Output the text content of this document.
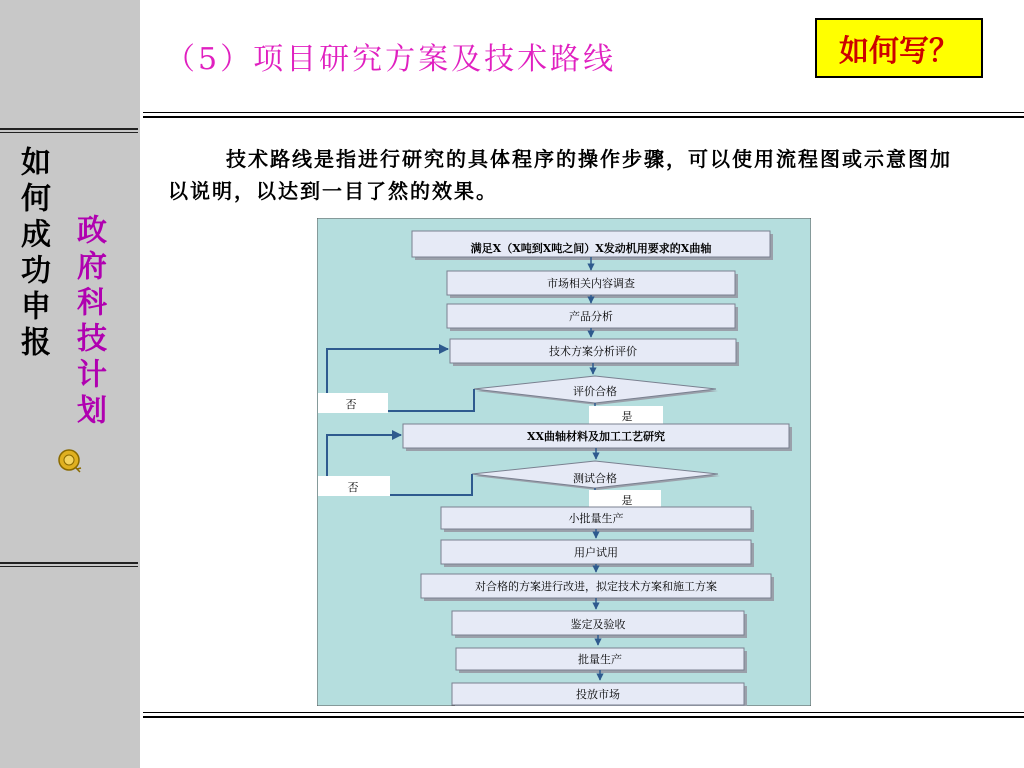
如何成功申报 政府科技计划
（5）项目研究方案及技术路线	如何写？
技术路线是指进行研究的具体程序的操作步骤，可以使用流程图或示意图加以说明，以达到一目了然的效果。
满足X（X吨到X吨之间）X发动机用要求的X曲轴
市场相关内容调查
产品分析
技术方案分析评价
评价合格
否
是
XX曲轴材料及加工工艺研究
测试合格
否
是
小批量生产
用户试用
对合格的方案进行改进，拟定技术方案和施工方案
鉴定及验收
批量生产
投放市场
